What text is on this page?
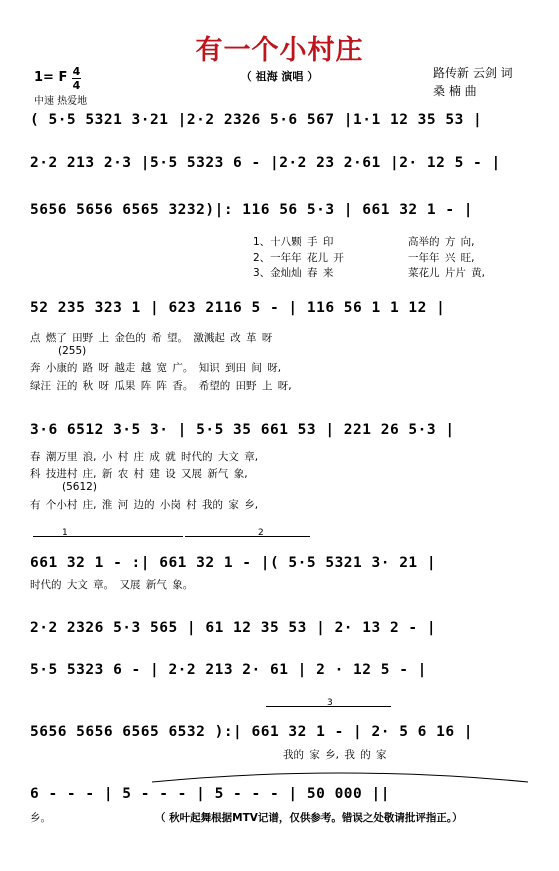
有一个小村庄
（ 祖海 演唱 ）
1= F 4
4
中速 热爱地
路传新 云剑 词
桑 楠 曲
( 5·5 5321 3·21 |2·2 2326 5·6 567 |1·1 12 35 53 |
2·2 213 2·3 |5·5 5323 6 - |2·2 23 2·61 |2· 12 5 - |
5656 5656 6565 3232)|: 116 56 5·3 | 661 32 1 - |
1、十八颗 手 印	高举的 方 向,
2、一年年 花儿 开	一年年 兴 旺,
3、金灿灿 春 来	菜花儿 片片 黄,
52 235 323 1 | 623 2116 5 - | 116 56 1 1 12 |
点 燃了 田野 上 金色的 希 望。 激溅起 改 革 呀
(255)
奔 小康的 路 呀 越走 越 宽 广。 知识 到田 间 呀,
绿汪 汪的 秋 呀 瓜果 阵 阵 香。 希望的 田野 上 呀,
3·6 6512 3·5 3· | 5·5 35 661 53 | 221 26 5·3 |
春 潮万里 浪, 小 村 庄 成 就 时代的 大文 章,
科 技进村 庄, 新 农 村 建 设 又展 新气 象,
(5612)
有 个小村 庄, 淮 河 边的 小岗 村 我的 家 乡,
1	2
661 32 1 - :| 661 32 1 - |( 5·5 5321 3· 21 |
时代的 大文 章。 又展 新气 象。
2·2 2326 5·3 565 | 61 12 35 53 | 2· 13 2 - |
5·5 5323 6 - | 2·2 213 2· 61 | 2 · 12 5 - |
3
5656 5656 6565 6532 ):| 661 32 1 - | 2· 5 6 16 |
我的 家 乡, 我 的 家
6 - - - | 5 - - - | 5 - - - | 50 000 ||
乡。	（ 秋叶起舞根据MTV记谱，仅供参考。错误之处敬请批评指正。）
